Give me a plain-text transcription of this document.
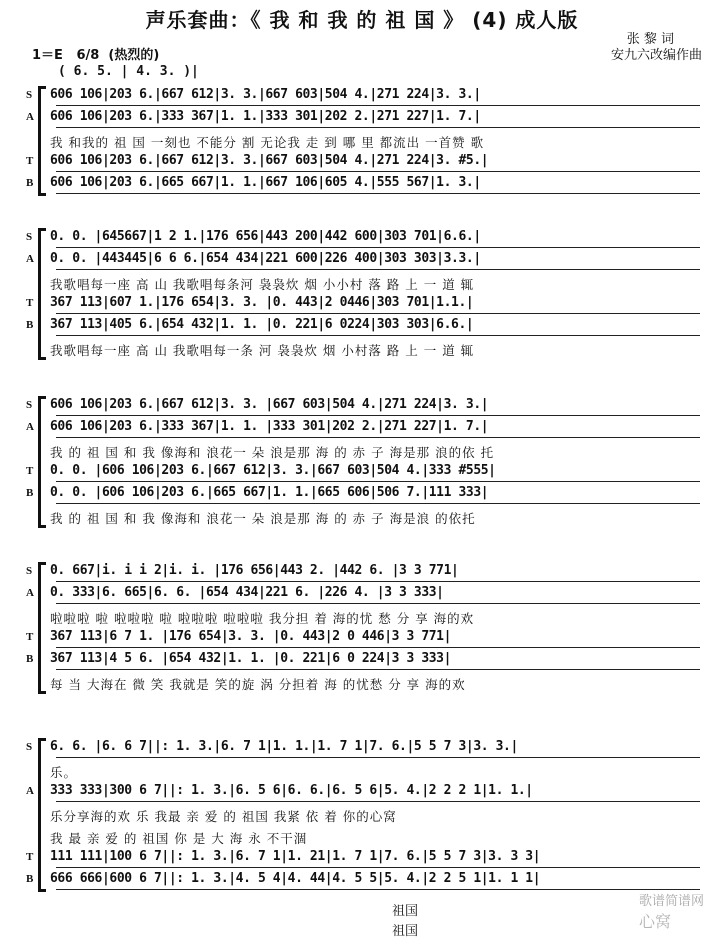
声乐套曲：《 我 和 我 的 祖 国 》 (4) 成人版
张 黎 词
安九六改编作曲
1＝E   6/8  (热烈的)
( 6. 5. | 4. 3. )|
S 606 106|203 6.|667 612|3. 3.|667 603|504 4.|271 224|3. 3.|
A 606 106|203 6.|333 367|1. 1.|333 301|202 2.|271 227|1. 7.|
我 和我的 祖 国 一刻也 不能分 割 无论我 走 到 哪 里 都流出 一首赞 歌
T 606 106|203 6.|667 612|3. 3.|667 603|504 4.|271 224|3. #5.|
B 606 106|203 6.|665 667|1. 1.|667 106|605 4.|555 567|1. 3.|
S 0. 0. |645667|1 2 1.|176 656|443 200|442 600|303 701|6.6.|
A 0. 0. |443445|6 6 6.|654 434|221 600|226 400|303 303|3.3.|
我歌唱每一座 高 山 我歌唱每条河 袅袅炊 烟 小小村 落 路 上 一 道 辄
T 367 113|607 1.|176 654|3. 3. |0. 443|2 0446|303 701|1.1.|
B 367 113|405 6.|654 432|1. 1. |0. 221|6 0224|303 303|6.6.|
我歌唱每一座 高 山 我歌唱每一条 河 袅袅炊 烟 小村落 路 上 一 道 辄
S 606 106|203 6.|667 612|3. 3. |667 603|504 4.|271 224|3. 3.|
A 606 106|203 6.|333 367|1. 1. |333 301|202 2.|271 227|1. 7.|
我 的 祖 国 和 我 像海和 浪花一 朵 浪是那 海 的 赤 子 海是那 浪的依 托
T 0. 0. |606 106|203 6.|667 612|3. 3.|667 603|504 4.|333 #555|
B 0. 0. |606 106|203 6.|665 667|1. 1.|665 606|506 7.|111 333|
我 的 祖 国 和 我 像海和 浪花一 朵 浪是那 海 的 赤 子 海是浪 的依托
S 0. 667|i. i i 2|i. i. |176 656|443 2. |442 6. |3 3 771|
A 0. 333|6. 665|6. 6. |654 434|221 6. |226 4. |3 3 333|
啦啦啦 啦 啦啦啦 啦 啦啦啦 啦啦啦 我分担 着 海的忧 愁 分 享 海的欢
T 367 113|6 7 1. |176 654|3. 3. |0. 443|2 0 446|3 3 771|
B 367 113|4 5 6. |654 432|1. 1. |0. 221|6 0 224|3 3 333|
每 当 大海在 微 笑 我就是 笑的旋 涡 分担着 海 的忧愁 分 享 海的欢
S 6. 6. |6. 6 7||: 1. 3.|6. 7 1|1. 1.|1. 7 1|7. 6.|5 5 7 3|3. 3.|
乐。
A 333 333|300 6 7||: 1. 3.|6. 5 6|6. 6.|6. 5 6|5. 4.|2 2 2 1|1. 1.|
乐分享海的欢 乐 我最 亲 爱 的 祖国 我紧 依 着 你的心窝
我 最 亲 爱 的 祖国 你 是 大 海 永 不干涸
T 111 111|100 6 7||: 1. 3.|6. 7 1|1. 21|1. 7 1|7. 6.|5 5 7 3|3. 3 3|
B 666 666|600 6 7||: 1. 3.|4. 5 4|4. 44|4. 5 5|5. 4.|2 2 5 1|1. 1 1|
祖国
祖国

歌谱简谱网
心窝
